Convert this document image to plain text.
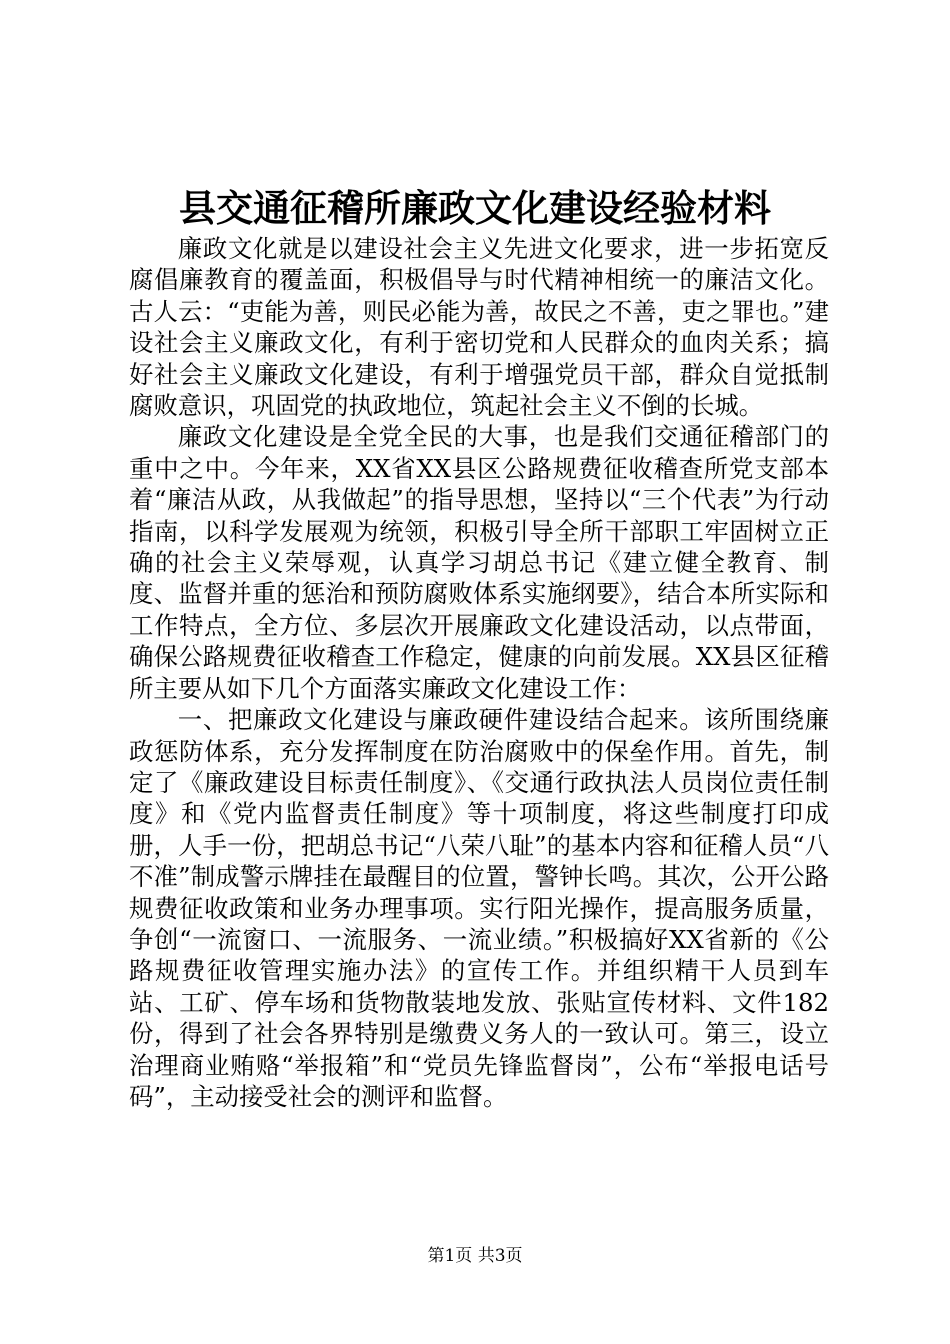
县交通征稽所廉政文化建设经验材料

廉政文化就是以建设社会主义先进文化要求，进一步拓宽反腐倡廉教育的覆盖面，积极倡导与时代精神相统一的廉洁文化。古人云：“吏能为善，则民必能为善，故民之不善，吏之罪也。”建设社会主义廉政文化，有利于密切党和人民群众的血肉关系；搞好社会主义廉政文化建设，有利于增强党员干部，群众自觉抵制腐败意识，巩固党的执政地位，筑起社会主义不倒的长城。

廉政文化建设是全党全民的大事，也是我们交通征稽部门的重中之中。今年来，XX省XX县区公路规费征收稽查所党支部本着“廉洁从政，从我做起”的指导思想，坚持以“三个代表”为行动指南，以科学发展观为统领，积极引导全所干部职工牢固树立正确的社会主义荣辱观，认真学习胡总书记《建立健全教育、制度、监督并重的惩治和预防腐败体系实施纲要》，结合本所实际和工作特点，全方位、多层次开展廉政文化建设活动，以点带面，确保公路规费征收稽查工作稳定，健康的向前发展。XX县区征稽所主要从如下几个方面落实廉政文化建设工作：

一、把廉政文化建设与廉政硬件建设结合起来。该所围绕廉政惩防体系，充分发挥制度在防治腐败中的保垒作用。首先，制定了《廉政建设目标责任制度》、《交通行政执法人员岗位责任制度》和《党内监督责任制度》等十项制度，将这些制度打印成册，人手一份，把胡总书记“八荣八耻”的基本内容和征稽人员“八不准”制成警示牌挂在最醒目的位置，警钟长鸣。其次，公开公路规费征收政策和业务办理事项。实行阳光操作，提高服务质量，争创“一流窗口、一流服务、一流业绩。”积极搞好XX省新的《公路规费征收管理实施办法》的宣传工作。并组织精干人员到车站、工矿、停车场和货物散装地发放、张贴宣传材料、文件182份，得到了社会各界特别是缴费义务人的一致认可。第三，设立治理商业贿赂“举报箱”和“党员先锋监督岗”，公布“举报电话号码”，主动接受社会的测评和监督。

第1页 共3页
